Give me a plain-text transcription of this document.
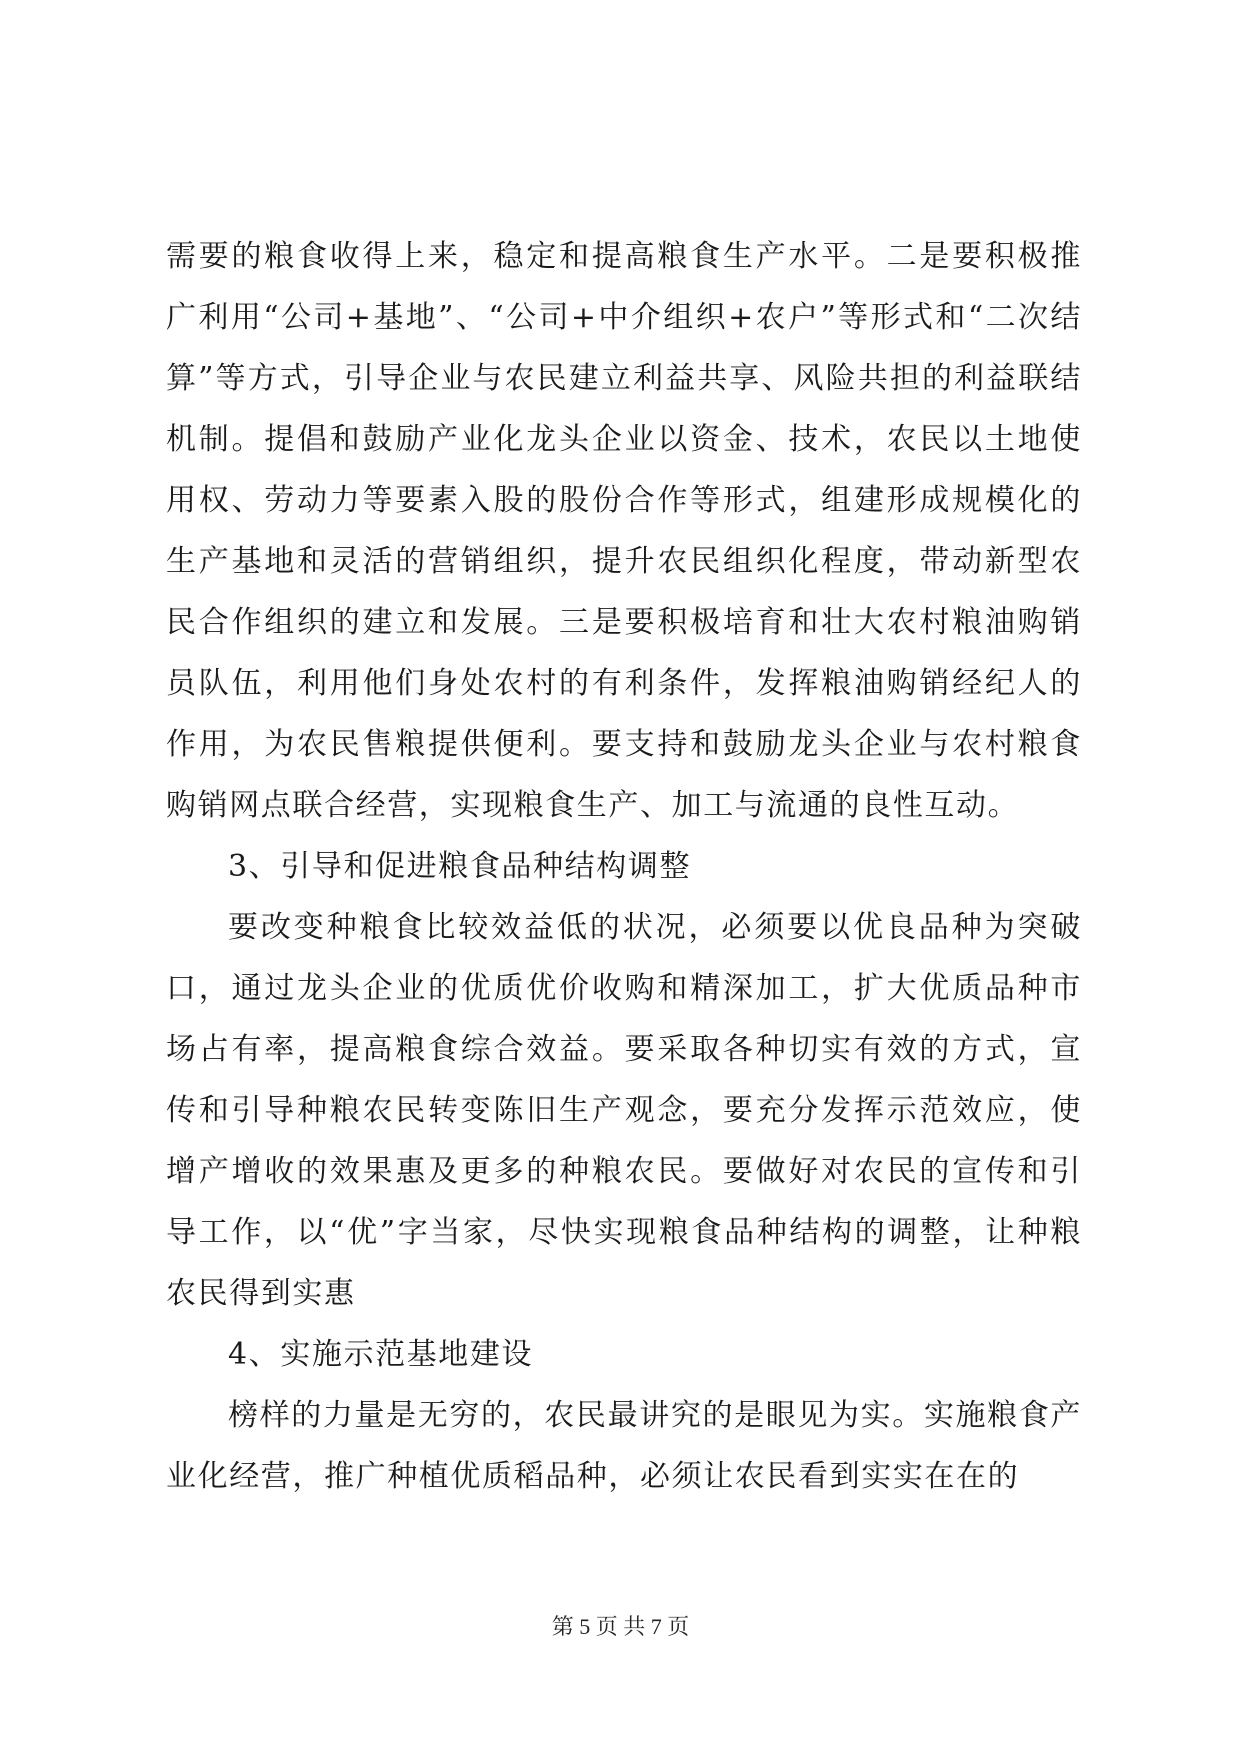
需要的粮食收得上来，稳定和提高粮食生产水平。二是要积极推广利用“公司+基地”、“公司+中介组织+农户”等形式和“二次结算”等方式，引导企业与农民建立利益共享、风险共担的利益联结机制。提倡和鼓励产业化龙头企业以资金、技术，农民以土地使用权、劳动力等要素入股的股份合作等形式，组建形成规模化的生产基地和灵活的营销组织，提升农民组织化程度，带动新型农民合作组织的建立和发展。三是要积极培育和壮大农村粮油购销员队伍，利用他们身处农村的有利条件，发挥粮油购销经纪人的作用，为农民售粮提供便利。要支持和鼓励龙头企业与农村粮食购销网点联合经营，实现粮食生产、加工与流通的良性互动。

3、引导和促进粮食品种结构调整

要改变种粮食比较效益低的状况，必须要以优良品种为突破口，通过龙头企业的优质优价收购和精深加工，扩大优质品种市场占有率，提高粮食综合效益。要采取各种切实有效的方式，宣传和引导种粮农民转变陈旧生产观念，要充分发挥示范效应，使增产增收的效果惠及更多的种粮农民。要做好对农民的宣传和引导工作，以“优”字当家，尽快实现粮食品种结构的调整，让种粮农民得到实惠

4、实施示范基地建设

榜样的力量是无穷的，农民最讲究的是眼见为实。实施粮食产业化经营，推广种植优质稻品种，必须让农民看到实实在在的

第 5 页 共 7 页
